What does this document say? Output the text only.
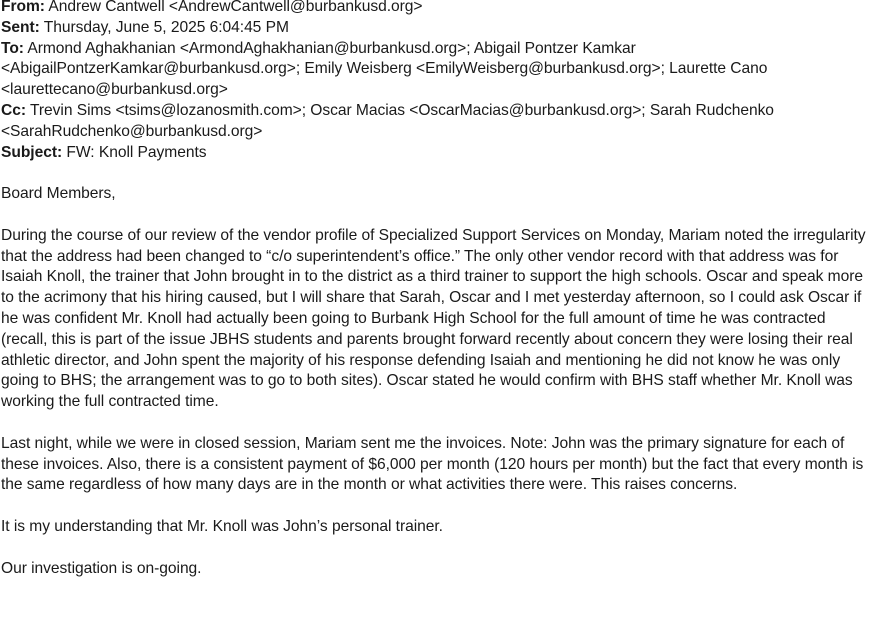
From: Andrew Cantwell <AndrewCantwell@burbankusd.org>

Sent: Thursday, June 5, 2025 6:04:45 PM

To: Armond Aghakhanian <ArmondAghakhanian@burbankusd.org>; Abigail Pontzer Kamkar <AbigailPontzerKamkar@burbankusd.org>; Emily Weisberg <EmilyWeisberg@burbankusd.org>; Laurette Cano <laurettecano@burbankusd.org>

Cc: Trevin Sims <tsims@lozanosmith.com>; Oscar Macias <OscarMacias@burbankusd.org>; Sarah Rudchenko <SarahRudchenko@burbankusd.org>

Subject: FW: Knoll Payments

Board Members,

During the course of our review of the vendor profile of Specialized Support Services on Monday, Mariam noted the irregularity that the address had been changed to “c/o superintendent’s office.” The only other vendor record with that address was for Isaiah Knoll, the trainer that John brought in to the district as a third trainer to support the high schools. Oscar and speak more to the acrimony that his hiring caused, but I will share that Sarah, Oscar and I met yesterday afternoon, so I could ask Oscar if he was confident Mr. Knoll had actually been going to Burbank High School for the full amount of time he was contracted (recall, this is part of the issue JBHS students and parents brought forward recently about concern they were losing their real athletic director, and John spent the majority of his response defending Isaiah and mentioning he did not know he was only going to BHS; the arrangement was to go to both sites). Oscar stated he would confirm with BHS staff whether Mr. Knoll was working the full contracted time.

Last night, while we were in closed session, Mariam sent me the invoices. Note: John was the primary signature for each of these invoices. Also, there is a consistent payment of $6,000 per month (120 hours per month) but the fact that every month is the same regardless of how many days are in the month or what activities there were. This raises concerns.

It is my understanding that Mr. Knoll was John’s personal trainer.

Our investigation is on-going.
